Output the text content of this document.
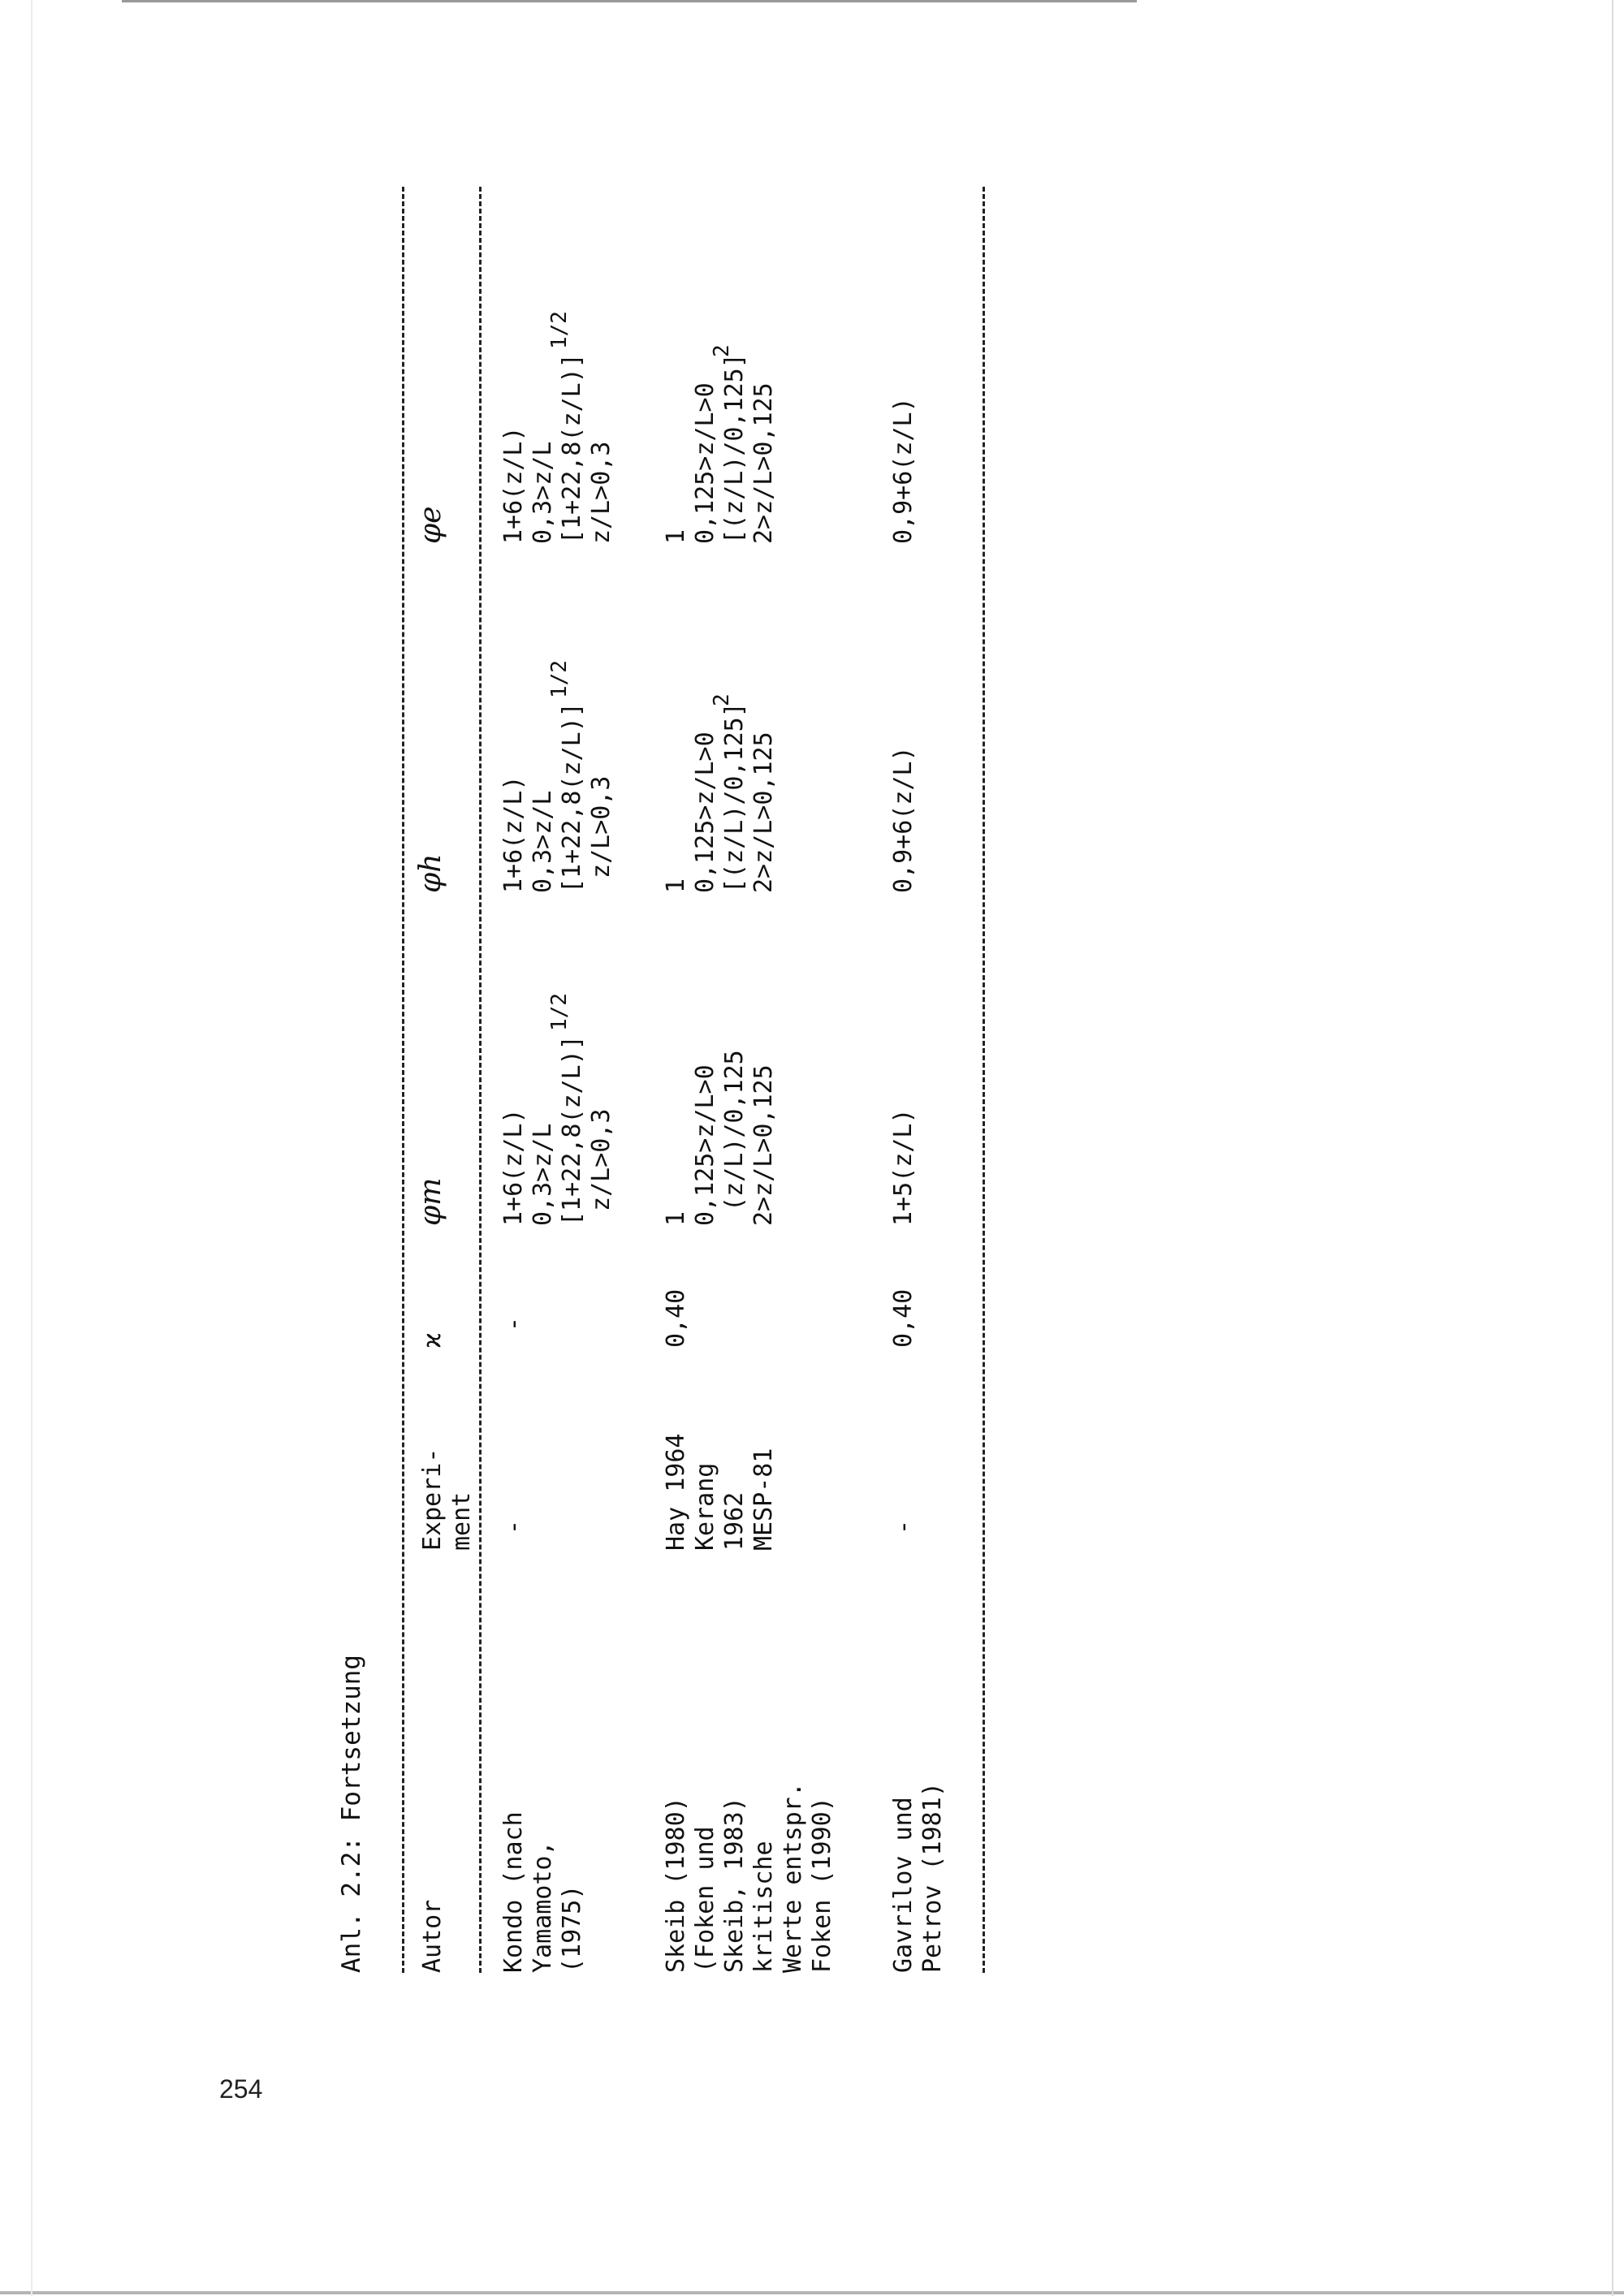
254
Anl. 2.2: Fortsetzung Autor
Experi-
ment
ϰ
φm
φh
φe
Kondo (nach
Yamamoto,
(1975)
-
-
1+6(z/L)
0,3>z/L
[1+22,8(z/L)]
z/L>0,3
$^{1/2}$
1+6(z/L)
0,3>z/L
[1+22,8(z/L)]
z/L>0,3
$^{1/2}$
1+6(z/L)
0,3>z/L
[1+22,8(z/L)]
z/L>0,3
$^{1/2}$
Skeib (1980)
(Foken und
Skeib, 1983)
kritische
Werte entspr.
Foken (1990)
Hay 1964
Kerang
1962
MESP-81
0,40
1
0,125>z/L>0
(z/L)/0,125
2>z/L>0,125
1
0,125>z/L>0
[(z/L)/0,125]
2>z/L>0,125
$^2$
1
0,125>z/L>0
[(z/L)/0,125]
2>z/L>0,125
$^2$
Gavrilov und
Petrov (1981)
-
0,40
1+5(z/L)
0,9+6(z/L)
0,9+6(z/L)
